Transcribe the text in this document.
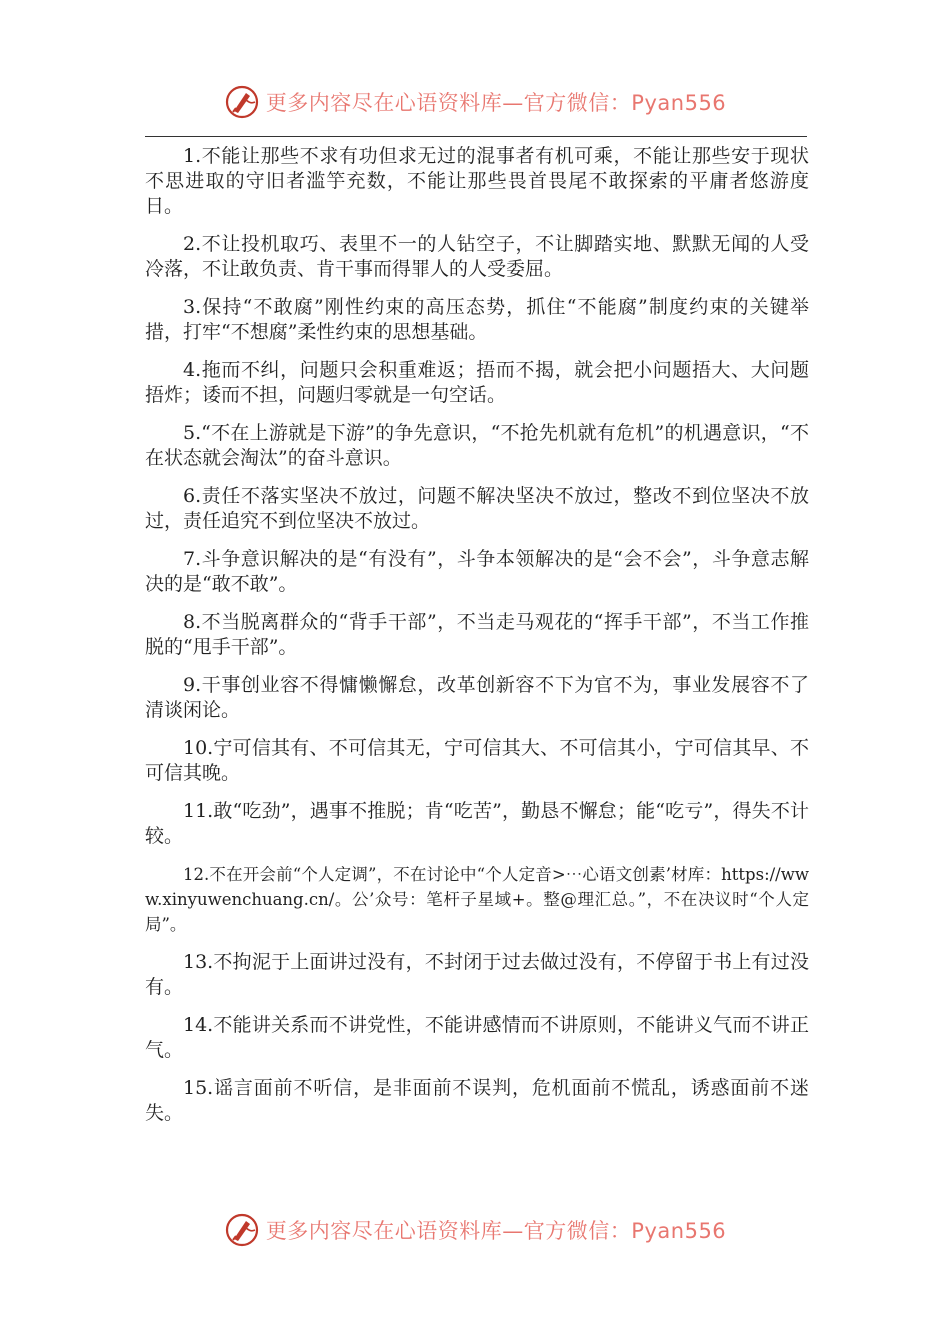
更多内容尽在心语资料库—官方微信：Pyan556

1.不能让那些不求有功但求无过的混事者有机可乘，不能让那些安于现状不思进取的守旧者滥竽充数，不能让那些畏首畏尾不敢探索的平庸者悠游度日。

2.不让投机取巧、表里不一的人钻空子，不让脚踏实地、默默无闻的人受冷落，不让敢负责、肯干事而得罪人的人受委屈。

3.保持“不敢腐”刚性约束的高压态势，抓住“不能腐”制度约束的关键举措，打牢“不想腐”柔性约束的思想基础。

4.拖而不纠，问题只会积重难返；捂而不揭，就会把小问题捂大、大问题捂炸；诿而不担，问题归零就是一句空话。

5.“不在上游就是下游”的争先意识，“不抢先机就有危机”的机遇意识，“不在状态就会淘汰”的奋斗意识。

6.责任不落实坚决不放过，问题不解决坚决不放过，整改不到位坚决不放过，责任追究不到位坚决不放过。

7.斗争意识解决的是“有没有”，斗争本领解决的是“会不会”，斗争意志解决的是“敢不敢”。

8.不当脱离群众的“背手干部”，不当走马观花的“挥手干部”，不当工作推脱的“甩手干部”。

9.干事创业容不得慵懒懈怠，改革创新容不下为官不为，事业发展容不了清谈闲论。

10.宁可信其有、不可信其无，宁可信其大、不可信其小，宁可信其早、不可信其晚。

11.敢“吃劲”，遇事不推脱；肯“吃苦”，勤恳不懈怠；能“吃亏”，得失不计较。

12.不在开会前“个人定调”，不在讨论中“个人定音>⋯心语文创素’材库：https://www.xinyuwenchuang.cn/。公’众号：笔杆子星域+。整@理汇总。”，不在决议时“个人定局”。

13.不拘泥于上面讲过没有，不封闭于过去做过没有，不停留于书上有过没有。

14.不能讲关系而不讲党性，不能讲感情而不讲原则，不能讲义气而不讲正气。

15.谣言面前不听信，是非面前不误判，危机面前不慌乱，诱惑面前不迷失。

更多内容尽在心语资料库—官方微信：Pyan556
